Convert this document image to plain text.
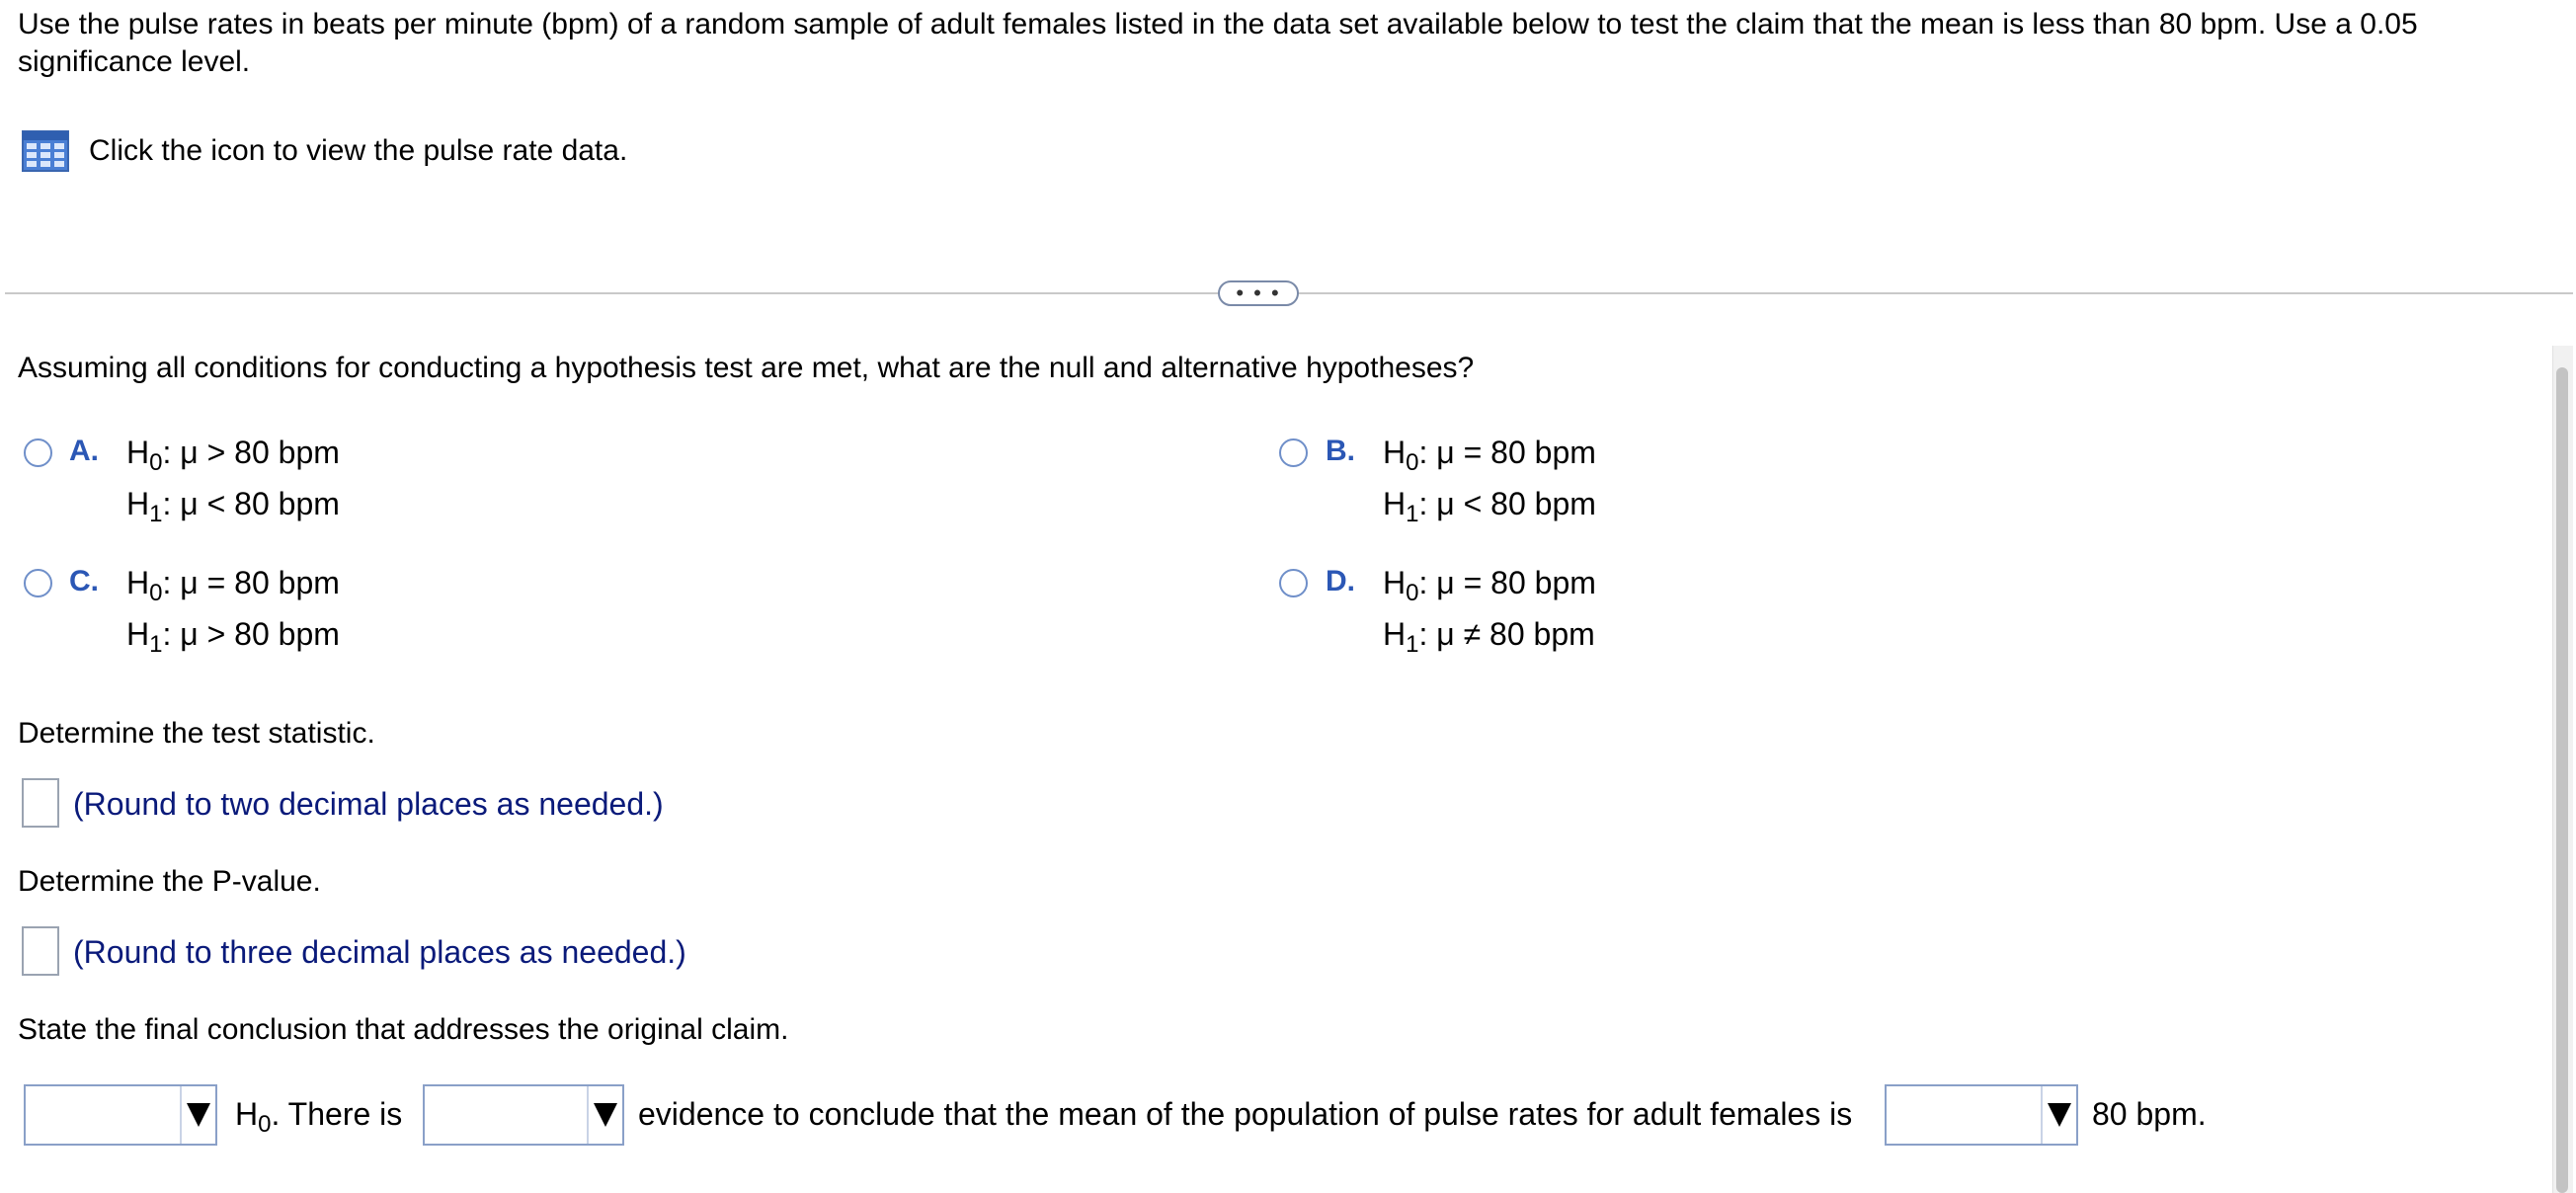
Use the pulse rates in beats per minute (bpm) of a random sample of adult females listed in the data set available below to test the claim that the mean is less than 80 bpm. Use a 0.05 significance level.
Click the icon to view the pulse rate data.
• • •
Assuming all conditions for conducting a hypothesis test are met, what are the null and alternative hypotheses?
A. $H_0$: μ > 80 bpm
$H_1$: μ < 80 bpm
B. $H_0$: μ = 80 bpm
$H_1$: μ < 80 bpm
C. $H_0$: μ = 80 bpm
$H_1$: μ > 80 bpm
D. $H_0$: μ = 80 bpm
$H_1$: μ ≠ 80 bpm
Determine the test statistic.
(Round to two decimal places as needed.)
Determine the P-value.
(Round to three decimal places as needed.)
State the final conclusion that addresses the original claim.
$H_0$. There is	evidence to conclude that the mean of the population of pulse rates for adult females is	80 bpm.
